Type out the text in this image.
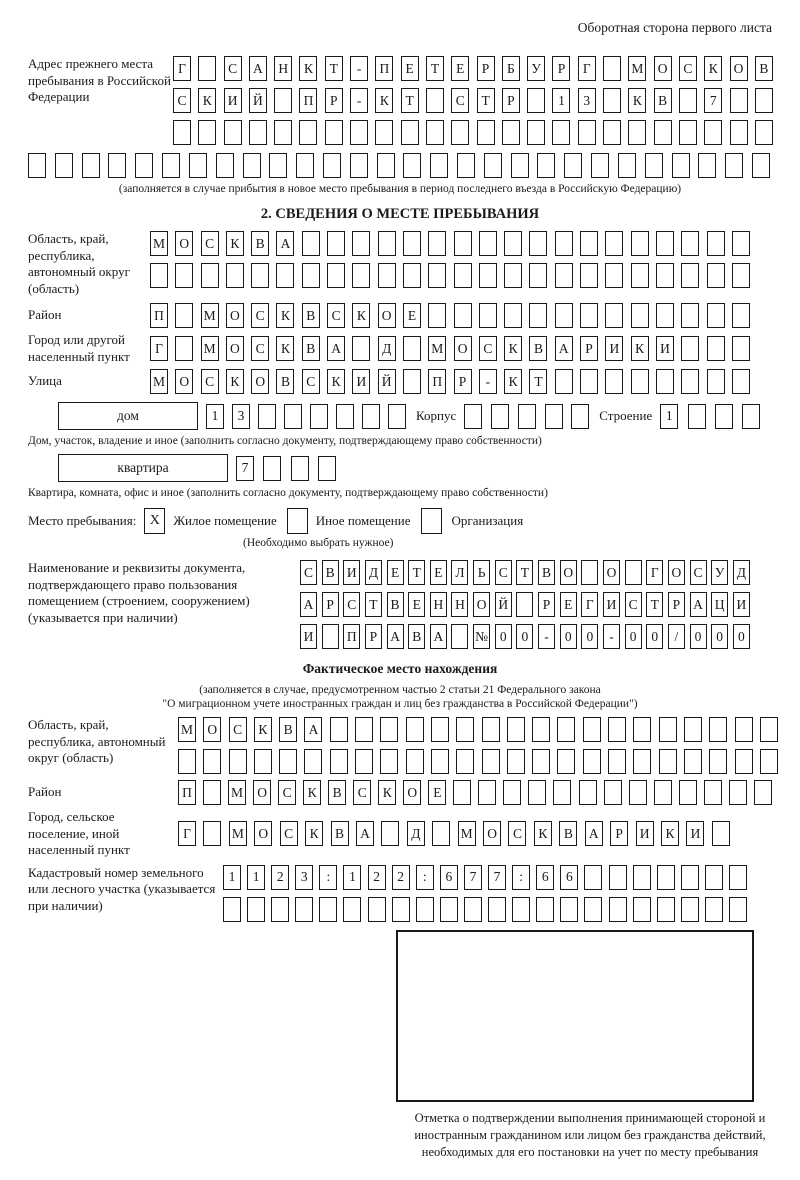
Оборотная сторона первого листа
Адрес прежнего места пребывания в Российской Федерации
Г	С	А	Н	К	Т	-	П	Е	Т	Е	Р	Б	У	Р	Г	М	О	С	К	О	В
С	К	И	Й	П	Р	-	К	Т	С	Т	Р	1	3	К	В	7
(заполняется в случае прибытия в новое место пребывания в период последнего въезда в Российскую Федерацию)
2. СВЕДЕНИЯ О МЕСТЕ ПРЕБЫВАНИЯ
Область, край, республика, автономный округ (область)
М	О	С	К	В	А
Район	П	М	О	С	К	В	С	К	О	Е
Город или другой населенный пункт
Г	М	О	С	К	В	А	Д	М	О	С	К	В	А	Р	И	К	И
Улица	М	О	С	К	О	В	С	К	И	Й	П	Р	-	К	Т
дом	1	3	Корпус	Строение	1
Дом, участок, владение и иное (заполнить согласно документу, подтверждающему право собственности)
квартира	7
Квартира, комната, офис и иное (заполнить согласно документу, подтверждающему право собственности)
Место пребывания: X	Жилое помещение	Иное помещение	Организация
(Необходимо выбрать нужное)
Наименование и реквизиты документа, подтверждающего право пользования помещением (строением, сооружением) (указывается при наличии)
С В И Д Е Т Е Л Ь С Т В О О	Г О С У Д
А Р С Т В Е Н Н О Й	Р	Е	Г И С Т	Р А Ц И
И П Р А В А № 0	0	-	0	0	-	0	0	/	0	0	0
Фактическое место нахождения
(заполняется в случае, предусмотренном частью 2 статьи 21 Федерального закона
"О миграционном учете иностранных граждан и лиц без гражданства в Российской Федерации")
Область, край, республика, автономный округ (область)
М	О	С	К	В	А
Район	П	М	О	С	К	В	С	К	О	Е
Город, сельское поселение, иной населенный пункт
Г	М	О	С	К	В	А	Д	М	О	С	К	В	А	Р	И	К	И
Кадастровый номер земельного или лесного участка (указывается при наличии)
1	1	2	3	:	1	2	2	:	6	7	7	:	6	6
Отметка о подтверждении выполнения принимающей стороной и иностранным гражданином или лицом без гражданства действий, необходимых для его постановки на учет по месту пребывания
